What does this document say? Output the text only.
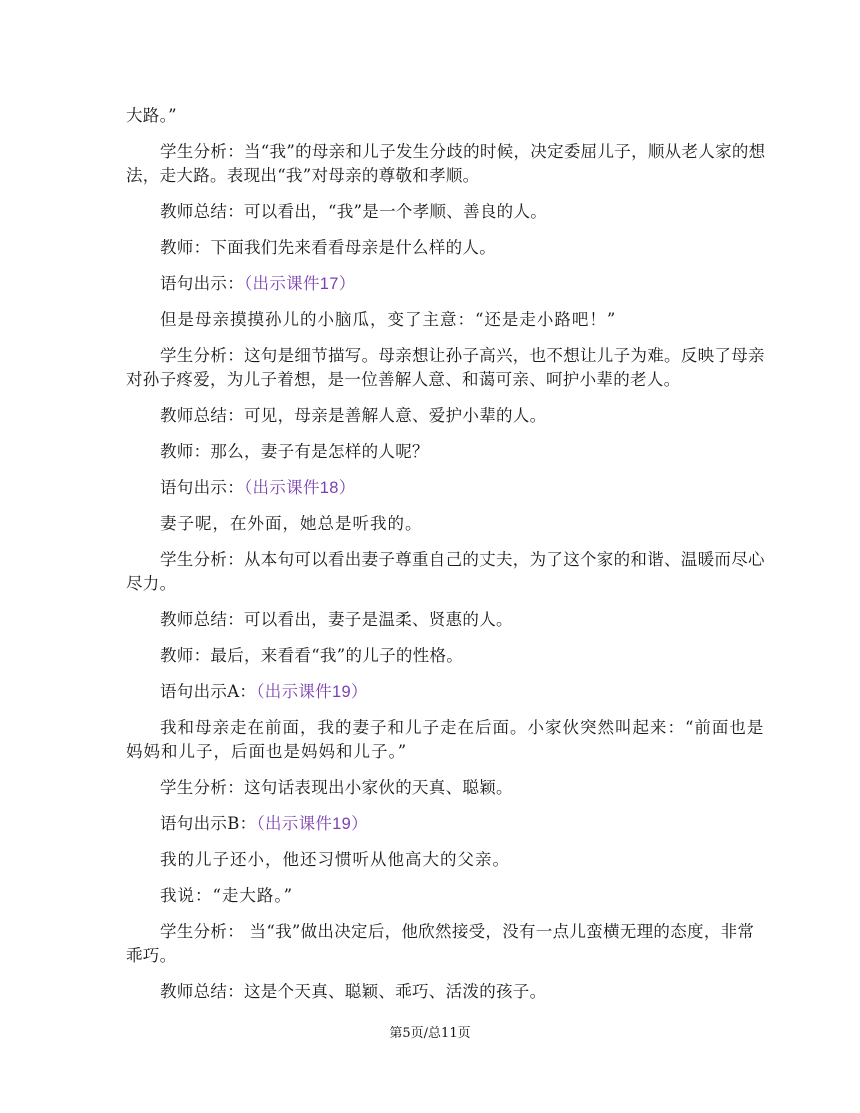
大路。”

学生分析：当“我”的母亲和儿子发生分歧的时候，决定委屈儿子，顺从老人家的想法，走大路。表现出“我”对母亲的尊敬和孝顺。

教师总结：可以看出，“我”是一个孝顺、善良的人。

教师：下面我们先来看看母亲是什么样的人。

语句出示：（出示课件17）

但是母亲摸摸孙儿的小脑瓜，变了主意：“还是走小路吧！”

学生分析：这句是细节描写。母亲想让孙子高兴，也不想让儿子为难。反映了母亲对孙子疼爱，为儿子着想，是一位善解人意、和蔼可亲、呵护小辈的老人。

教师总结：可见，母亲是善解人意、爱护小辈的人。

教师：那么，妻子有是怎样的人呢？

语句出示：（出示课件18）

妻子呢，在外面，她总是听我的。

学生分析：从本句可以看出妻子尊重自己的丈夫，为了这个家的和谐、温暖而尽心尽力。

教师总结：可以看出，妻子是温柔、贤惠的人。

教师：最后，来看看“我”的儿子的性格。

语句出示A：（出示课件19）

我和母亲走在前面，我的妻子和儿子走在后面。小家伙突然叫起来：“前面也是妈妈和儿子，后面也是妈妈和儿子。”

学生分析：这句话表现出小家伙的天真、聪颖。

语句出示B：（出示课件19）

我的儿子还小，他还习惯听从他高大的父亲。

我说：“走大路。”

学生分析： 当“我”做出决定后，他欣然接受，没有一点儿蛮横无理的态度，非常乖巧。

教师总结：这是个天真、聪颖、乖巧、活泼的孩子。

第5页/总11页
